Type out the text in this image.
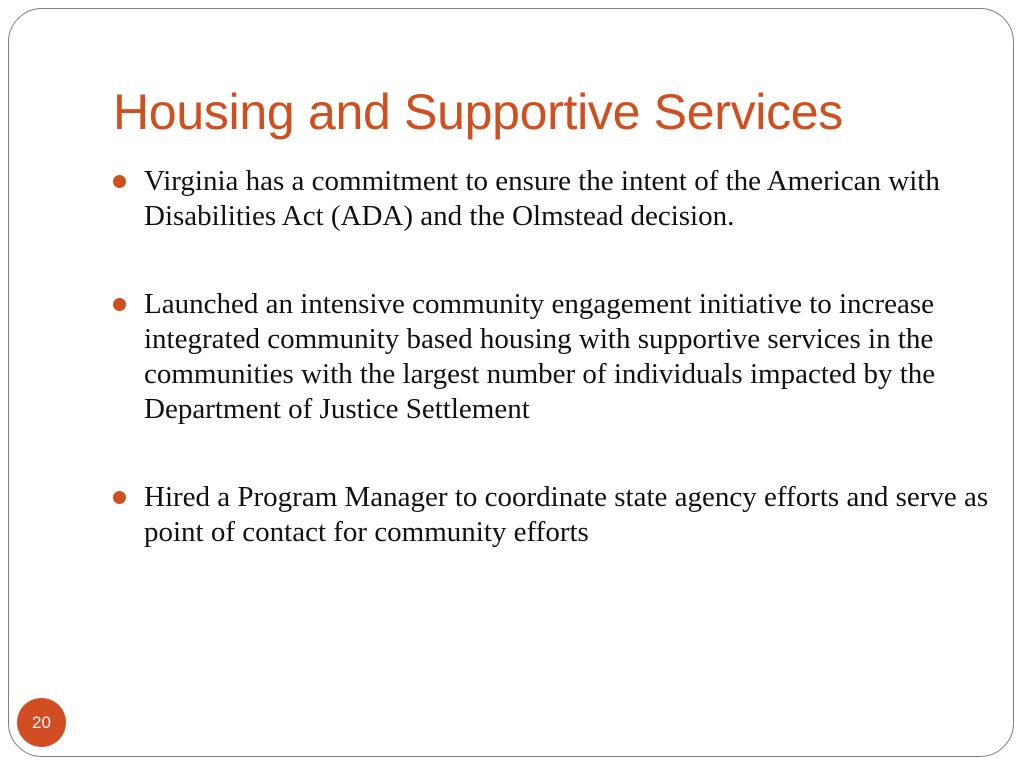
Housing and Supportive Services
Virginia has a commitment to ensure the intent of the American with Disabilities Act (ADA) and the Olmstead decision.
Launched an intensive community engagement initiative to increase integrated community based housing with supportive services in the communities with the largest number of individuals impacted by the Department of Justice Settlement
Hired a Program Manager to coordinate state agency efforts and serve as point of contact for community efforts
20
